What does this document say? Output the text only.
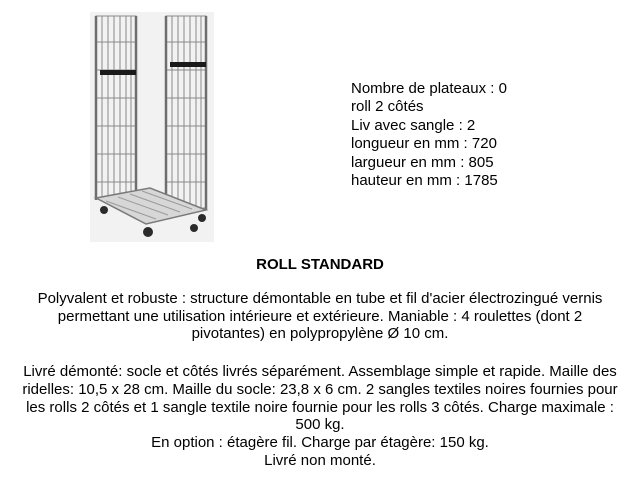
Nombre de plateaux : 0
roll 2 côtés
Liv avec sangle : 2
longueur en mm : 720
largueur en mm : 805
hauteur en mm : 1785
ROLL STANDARD

Polyvalent et robuste : structure démontable en tube et fil d'acier électrozingué vernis permettant une utilisation intérieure et extérieure. Maniable : 4 roulettes (dont 2 pivotantes) en polypropylène Ø 10 cm.

Livré démonté: socle et côtés livrés séparément. Assemblage simple et rapide. Maille des ridelles: 10,5 x 28 cm. Maille du socle: 23,8 x 6 cm. 2 sangles textiles noires fournies pour les rolls 2 côtés et 1 sangle textile noire fournie pour les rolls 3 côtés. Charge maximale : 500 kg.

En option : étagère fil. Charge par étagère: 150 kg.

Livré non monté.
